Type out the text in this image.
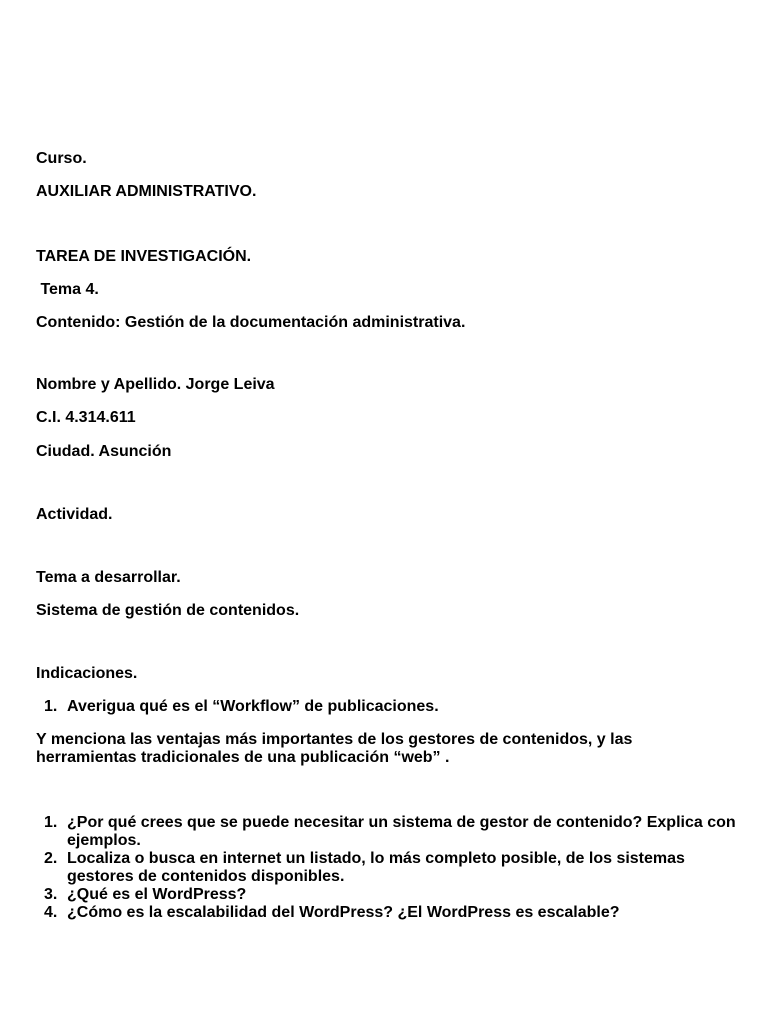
Curso.
AUXILIAR ADMINISTRATIVO.
TAREA DE INVESTIGACIÓN.
Tema 4.
Contenido: Gestión de la documentación administrativa.
Nombre y Apellido. Jorge Leiva
C.I. 4.314.611
Ciudad. Asunción
Actividad.
Tema a desarrollar.
Sistema de gestión de contenidos.
Indicaciones.
1. Averigua qué es el “Workflow” de publicaciones.
Y menciona las ventajas más importantes de los gestores de contenidos, y las herramientas tradicionales de una publicación “web” .
1. ¿Por qué crees que se puede necesitar un sistema de gestor de contenido? Explica con ejemplos.
2. Localiza o busca en internet un listado, lo más completo posible, de los sistemas gestores de contenidos disponibles.
3. ¿Qué es el WordPress?
4. ¿Cómo es la escalabilidad del WordPress? ¿El WordPress es escalable?
